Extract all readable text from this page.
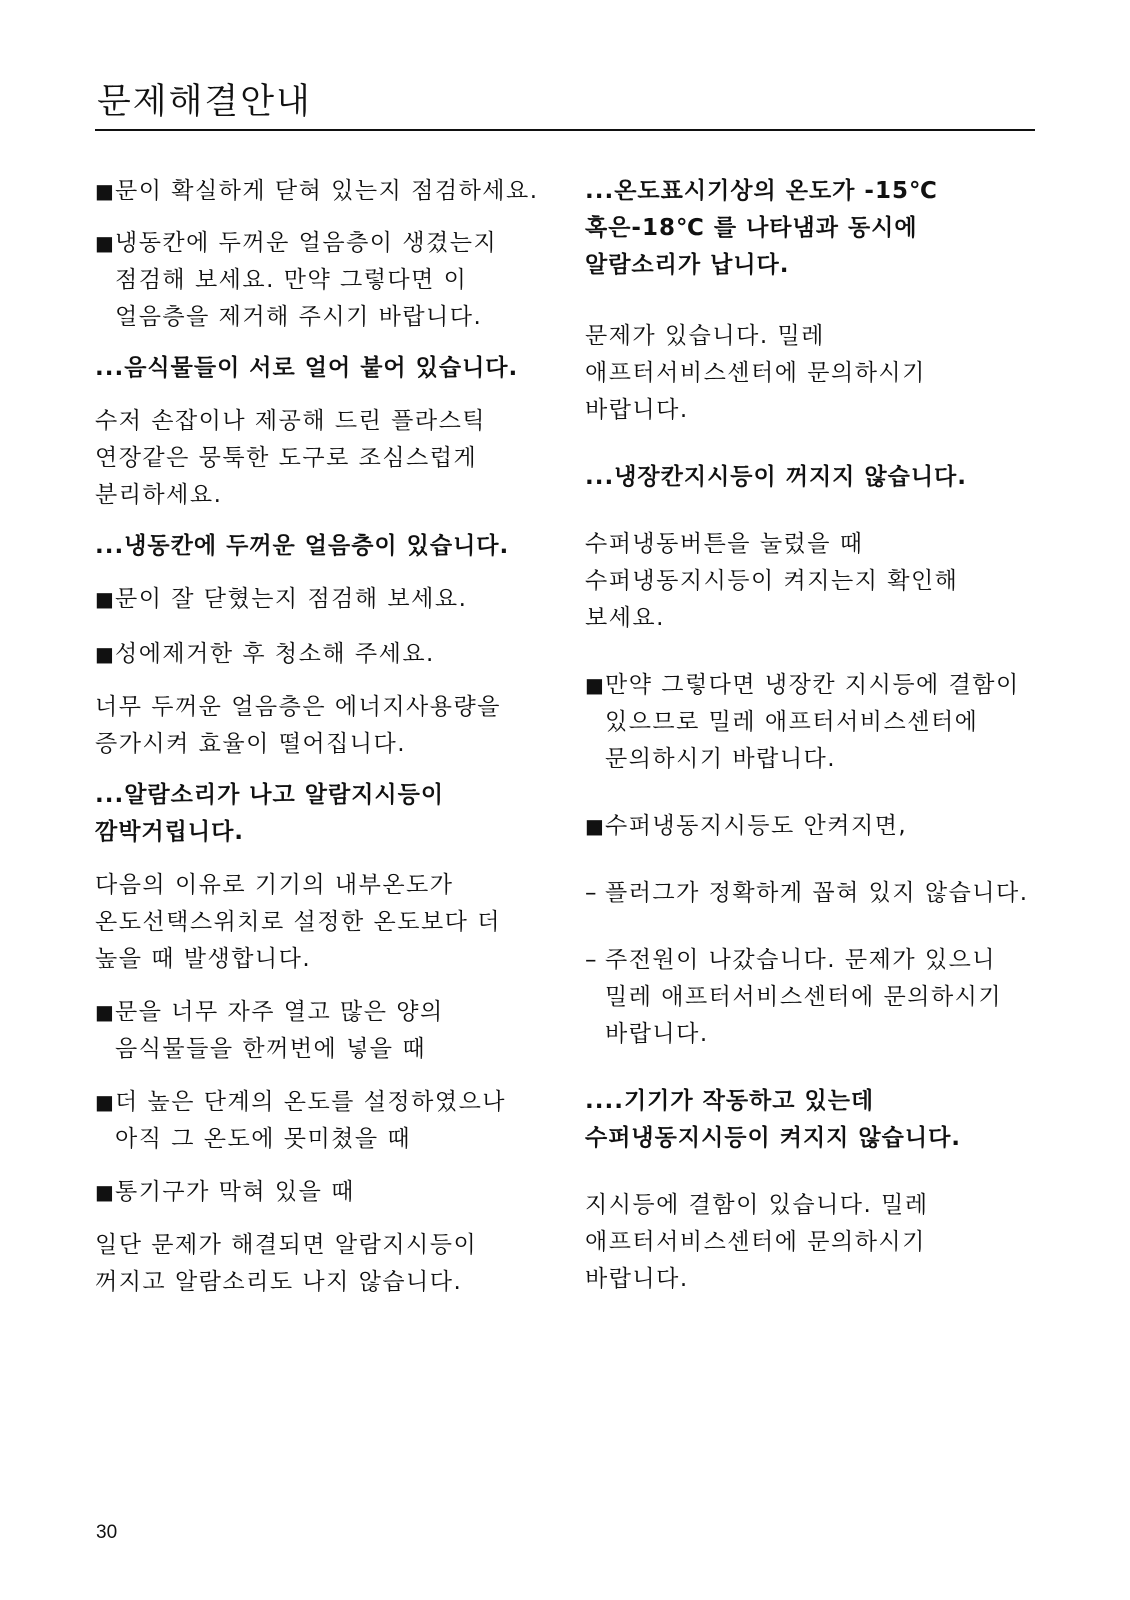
문제해결안내

■문이 확실하게 닫혀 있는지 점검하세요.

■냉동칸에 두꺼운 얼음층이 생겼는지 점검해 보세요. 만약 그렇다면 이 얼음층을 제거해 주시기 바랍니다.

...음식물들이 서로 얼어 붙어 있습니다.

수저 손잡이나 제공해 드린 플라스틱 연장같은 뭉툭한 도구로 조심스럽게 분리하세요.

...냉동칸에 두꺼운 얼음층이 있습니다.

■문이 잘 닫혔는지 점검해 보세요.

■성에제거한 후 청소해 주세요.

너무 두꺼운 얼음층은 에너지사용량을 증가시켜 효율이 떨어집니다.

...알람소리가 나고 알람지시등이 깜박거립니다.

다음의 이유로 기기의 내부온도가 온도선택스위치로 설정한 온도보다 더 높을 때 발생합니다.

■문을 너무 자주 열고 많은 양의 음식물들을 한꺼번에 넣을 때

■더 높은 단계의 온도를 설정하였으나 아직 그 온도에 못미쳤을 때

■통기구가 막혀 있을 때

일단 문제가 해결되면 알람지시등이 꺼지고 알람소리도 나지 않습니다.

...온도표시기상의 온도가 -15℃ 혹은-18℃ 를 나타냄과 동시에 알람소리가 납니다.

문제가 있습니다. 밀레 애프터서비스센터에 문의하시기 바랍니다.

...냉장칸지시등이 꺼지지 않습니다.

수퍼냉동버튼을 눌렀을 때 수퍼냉동지시등이 켜지는지 확인해 보세요.

■만약 그렇다면 냉장칸 지시등에 결함이 있으므로 밀레 애프터서비스센터에 문의하시기 바랍니다.

■수퍼냉동지시등도 안켜지면,

– 플러그가 정확하게 꼽혀 있지 않습니다.

– 주전원이 나갔습니다. 문제가 있으니 밀레 애프터서비스센터에 문의하시기 바랍니다.

....기기가 작동하고 있는데 수퍼냉동지시등이 켜지지 않습니다.

지시등에 결함이 있습니다. 밀레 애프터서비스센터에 문의하시기 바랍니다.

30
